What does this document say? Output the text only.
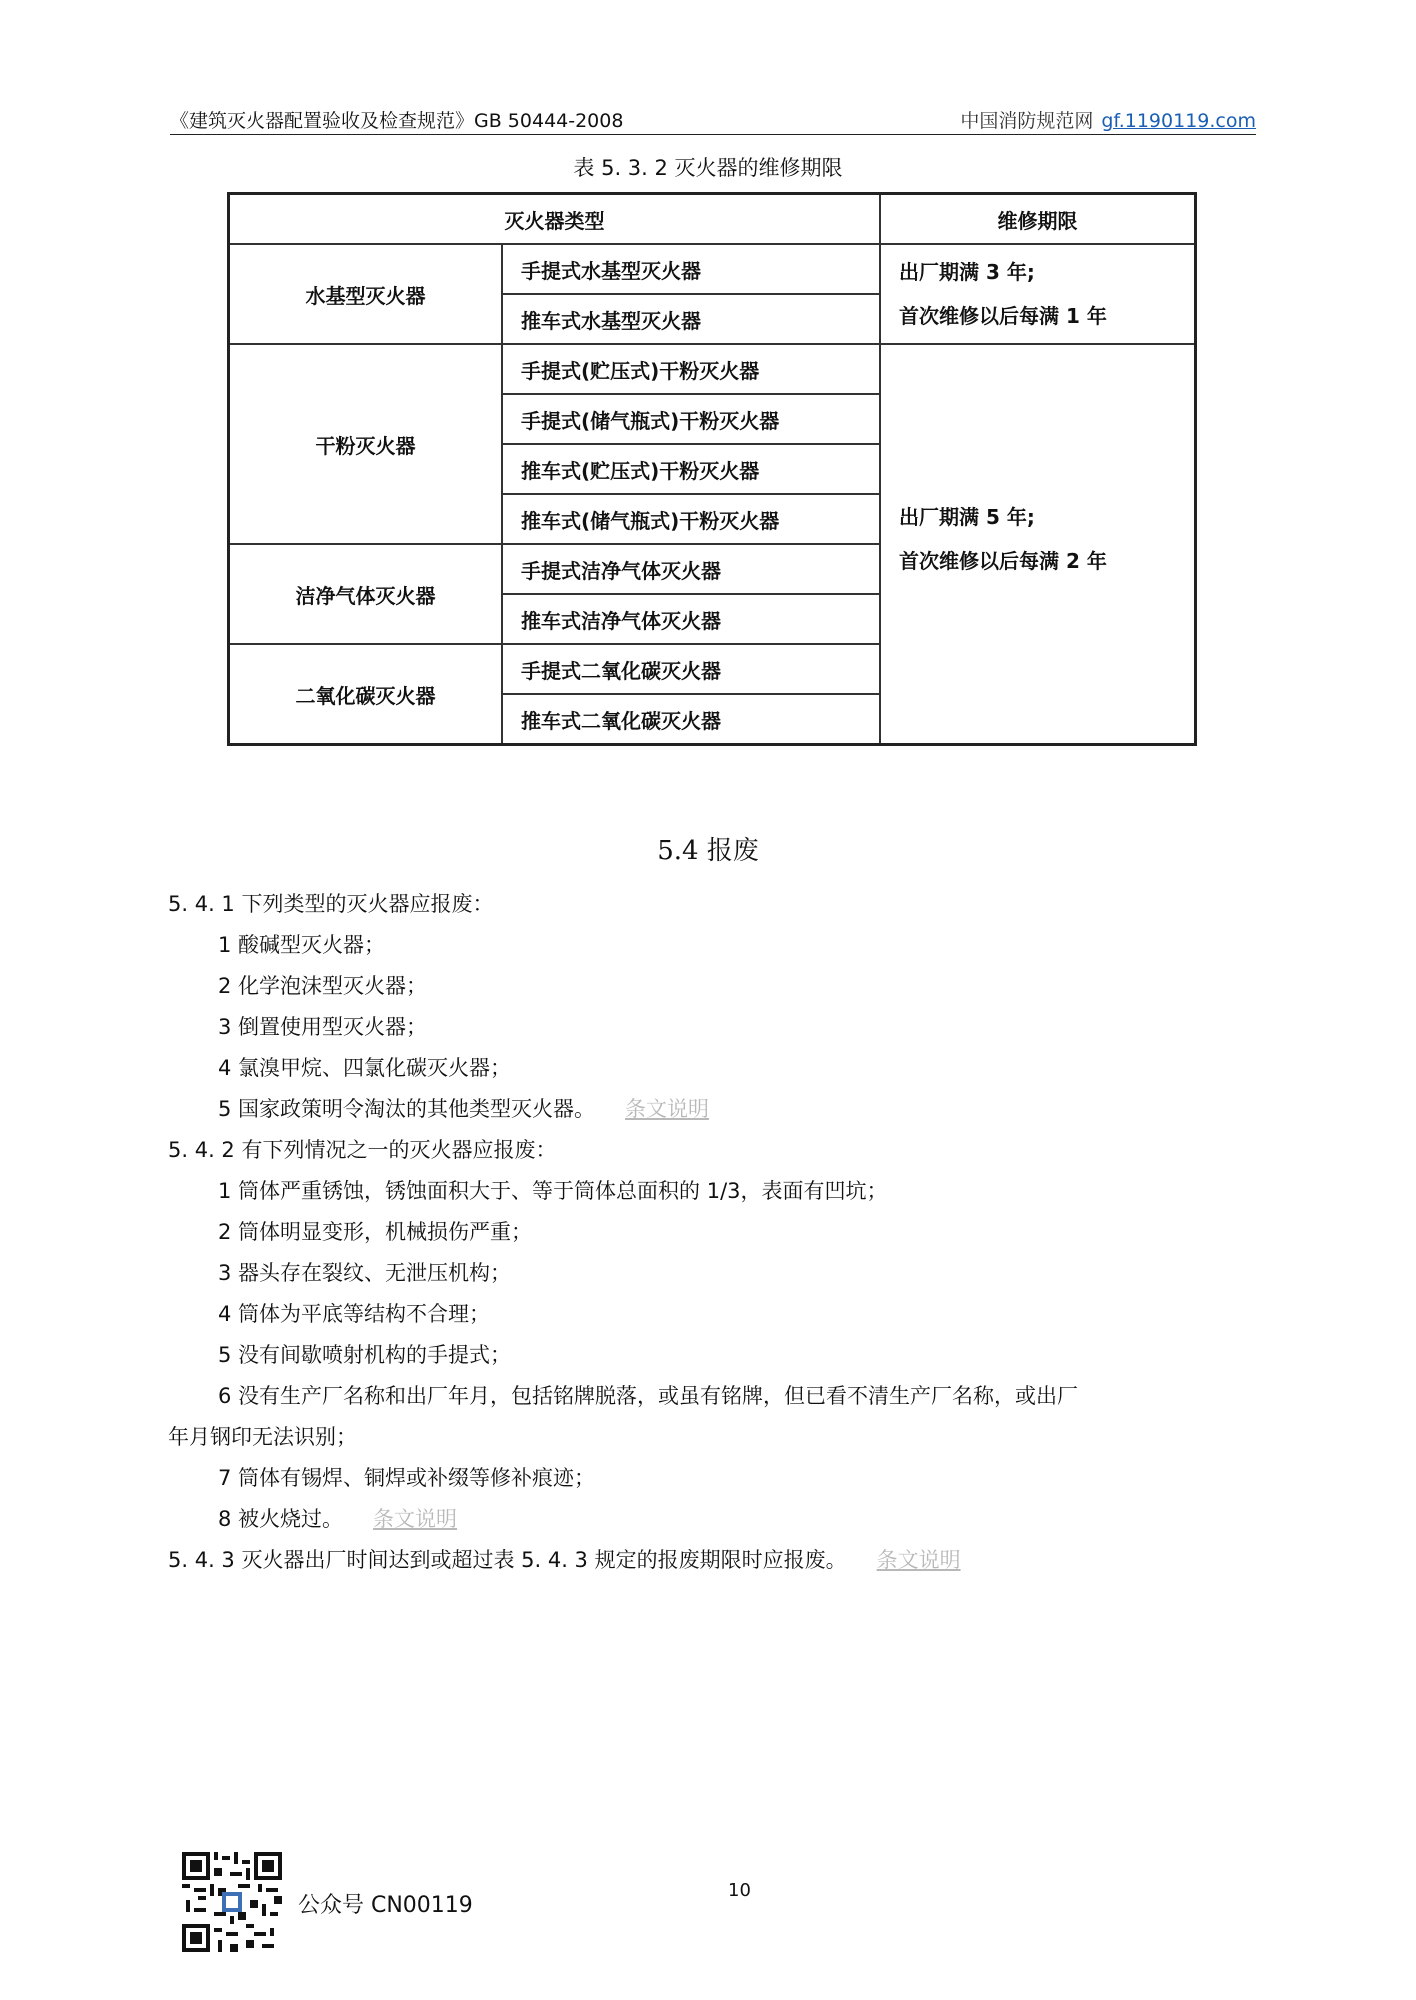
《建筑灭火器配置验收及检查规范》GB 50444-2008	中国消防规范网 gf.1190119.com
表 5. 3. 2 灭火器的维修期限
灭火器类型		维修期限
水基型灭火器	手提式水基型灭火器	出厂期满 3 年;
首次维修以后每满 1 年

	推车式水基型灭火器	
干粉灭火器	手提式(贮压式)干粉灭火器	出厂期满 5 年;
首次维修以后每满 2 年

	手提式(储气瓶式)干粉灭火器	
	推车式(贮压式)干粉灭火器	
	推车式(储气瓶式)干粉灭火器	
洁净气体灭火器	手提式洁净气体灭火器	
	推车式洁净气体灭火器	
二氧化碳灭火器	手提式二氧化碳灭火器	
	推车式二氧化碳灭火器	
5.4 报废
5. 4. 1 下列类型的灭火器应报废：
1 酸碱型灭火器；
2 化学泡沫型灭火器；
3 倒置使用型灭火器；
4 氯溴甲烷、四氯化碳灭火器；
5 国家政策明令淘汰的其他类型灭火器。 条文说明
5. 4. 2 有下列情况之一的灭火器应报废：
1 筒体严重锈蚀，锈蚀面积大于、等于筒体总面积的 1/3，表面有凹坑；
2 筒体明显变形，机械损伤严重；
3 器头存在裂纹、无泄压机构；
4 筒体为平底等结构不合理；
5 没有间歇喷射机构的手提式；
6 没有生产厂名称和出厂年月，包括铭牌脱落，或虽有铭牌，但已看不清生产厂名称，或出厂
年月钢印无法识别；
7 筒体有锡焊、铜焊或补缀等修补痕迹；
8 被火烧过。 条文说明
5. 4. 3 灭火器出厂时间达到或超过表 5. 4. 3 规定的报废期限时应报废。 条文说明
公众号 CN00119
10
